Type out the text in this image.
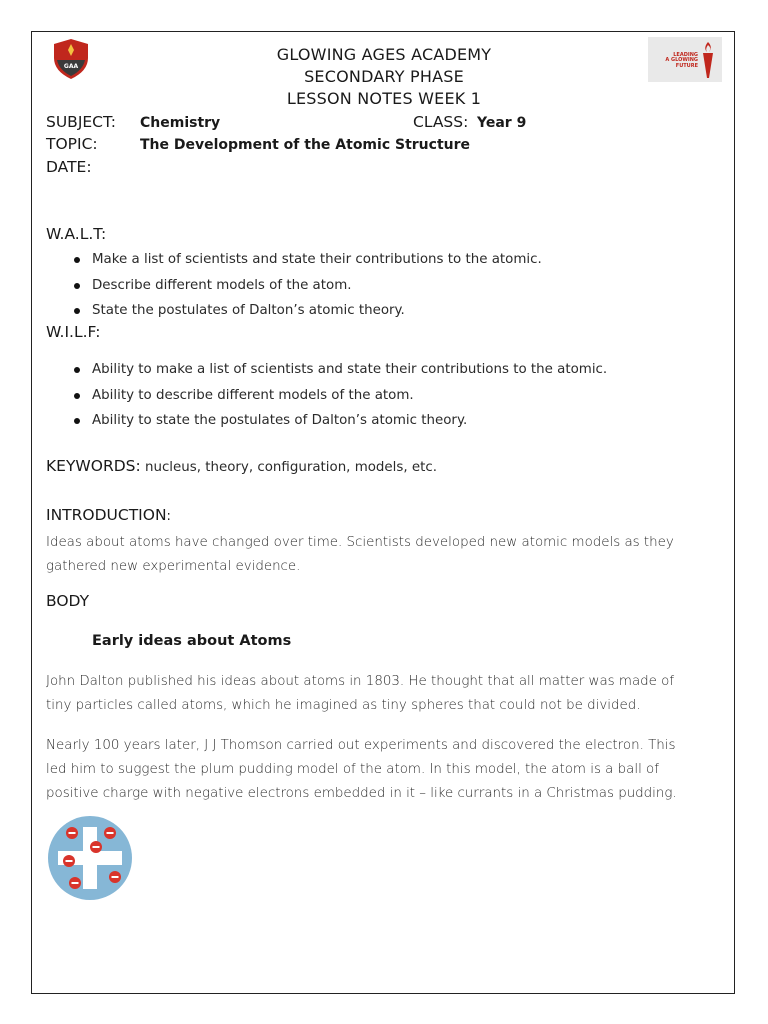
GAA
LEADING
A GLOWING
FUTURE
GLOWING AGES ACADEMY
SECONDARY PHASE
LESSON NOTES WEEK 1
SUBJECT: Chemistry	CLASS: Year 9
TOPIC:	The Development of the Atomic Structure
DATE:
W.A.L.T:
Make a list of scientists and state their contributions to the atomic.
Describe different models of the atom.
State the postulates of Dalton’s atomic theory.
W.I.L.F:
Ability to make a list of scientists and state their contributions to the atomic.
Ability to describe different models of the atom.
Ability to state the postulates of Dalton’s atomic theory.
KEYWORDS: nucleus, theory, configuration, models, etc.
INTRODUCTION:
Ideas about atoms have changed over time. Scientists developed new atomic models as they
gathered new experimental evidence.
BODY
Early ideas about Atoms
John Dalton published his ideas about atoms in 1803. He thought that all matter was made of
tiny particles called atoms, which he imagined as tiny spheres that could not be divided.
Nearly 100 years later, J J Thomson carried out experiments and discovered the electron. This
led him to suggest the plum pudding model of the atom. In this model, the atom is a ball of
positive charge with negative electrons embedded in it – like currants in a Christmas pudding.
